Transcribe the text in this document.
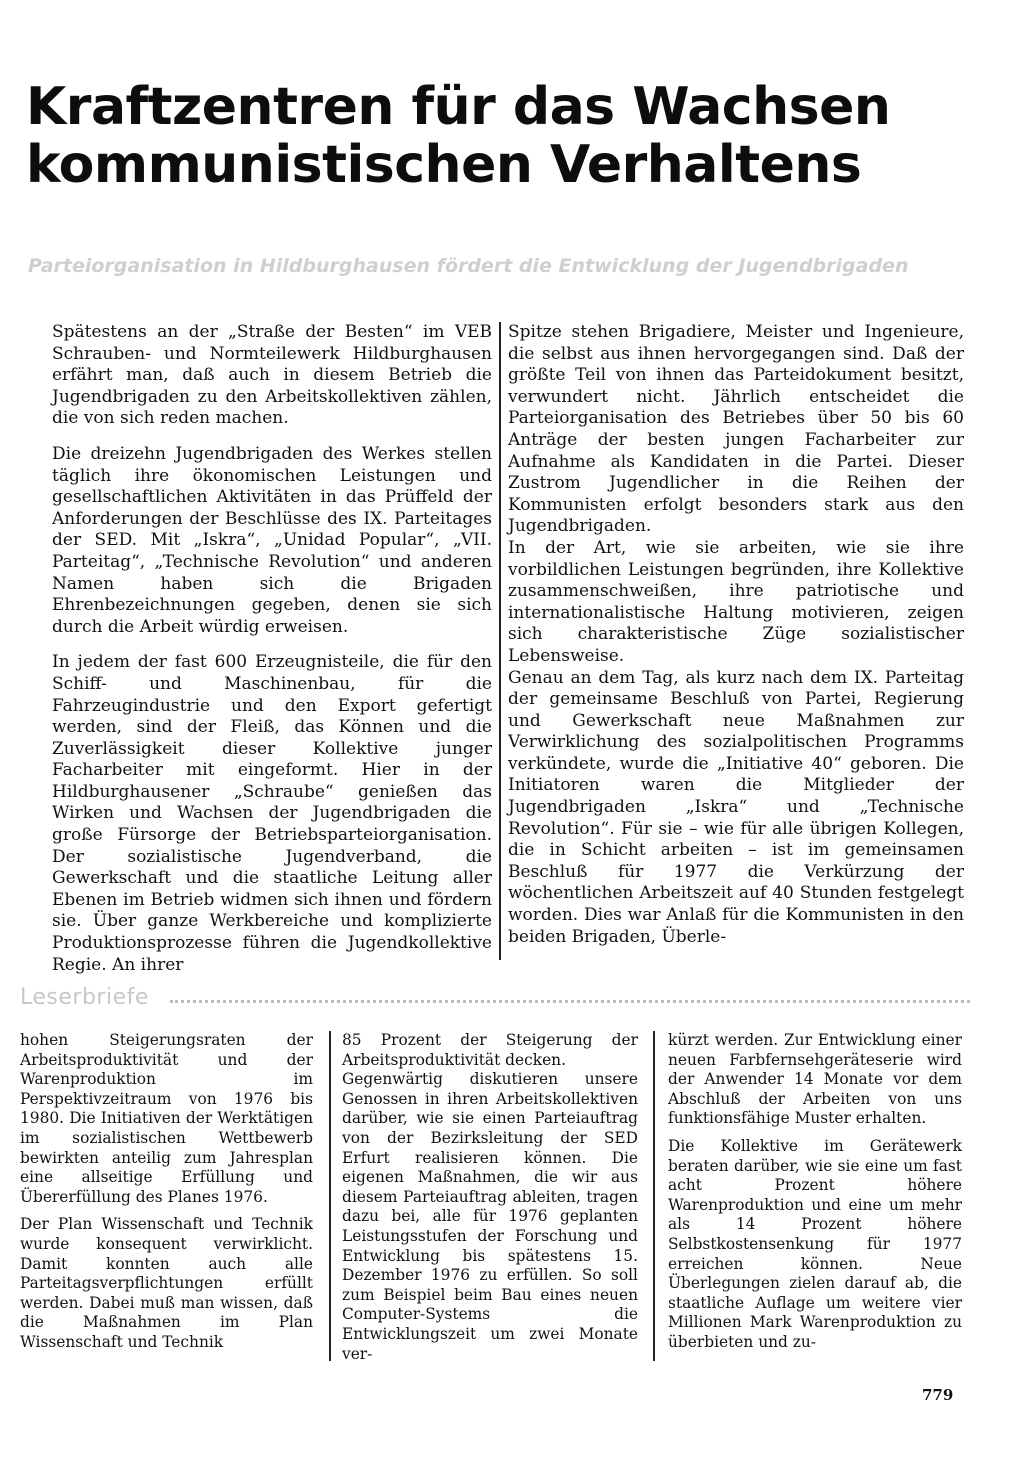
Kraftzentren für das Wachsen
kommunistischen Verhaltens
Parteiorganisation in Hildburghausen fördert die Entwicklung der Jugendbrigaden

Spätestens an der „Straße der Besten“ im VEB Schrauben- und Normteilewerk Hildburghausen erfährt man, daß auch in diesem Betrieb die Jugendbrigaden zu den Arbeitskollektiven zählen, die von sich reden machen.

Die dreizehn Jugendbrigaden des Werkes stellen täglich ihre ökonomischen Leistungen und gesellschaftlichen Aktivitäten in das Prüffeld der Anforderungen der Beschlüsse des IX. Parteitages der SED. Mit „Iskra“, „Unidad Popular“, „VII. Parteitag“, „Technische Revolution“ und anderen Namen haben sich die Brigaden Ehrenbezeichnungen gegeben, denen sie sich durch die Arbeit würdig erweisen.

In jedem der fast 600 Erzeugnisteile, die für den Schiff- und Maschinenbau, für die Fahrzeugindustrie und den Export gefertigt werden, sind der Fleiß, das Können und die Zuverlässigkeit dieser Kollektive junger Facharbeiter mit eingeformt. Hier in der Hildburghausener „Schraube“ genießen das Wirken und Wachsen der Jugendbrigaden die große Fürsorge der Betriebsparteiorganisation. Der sozialistische Jugendverband, die Gewerkschaft und die staatliche Leitung aller Ebenen im Betrieb widmen sich ihnen und fördern sie. Über ganze Werkbereiche und komplizierte Produktionsprozesse führen die Jugendkollektive Regie. An ihrer

Spitze stehen Brigadiere, Meister und Ingenieure, die selbst aus ihnen hervorgegangen sind. Daß der größte Teil von ihnen das Parteidokument besitzt, verwundert nicht. Jährlich entscheidet die Parteiorganisation des Betriebes über 50 bis 60 Anträge der besten jungen Facharbeiter zur Aufnahme als Kandidaten in die Partei. Dieser Zustrom Jugendlicher in die Reihen der Kommunisten erfolgt besonders stark aus den Jugendbrigaden.

In der Art, wie sie arbeiten, wie sie ihre vorbildlichen Leistungen begründen, ihre Kollektive zusammenschweißen, ihre patriotische und internationalistische Haltung motivieren, zeigen sich charakteristische Züge sozialistischer Lebensweise.

Genau an dem Tag, als kurz nach dem IX. Parteitag der gemeinsame Beschluß von Partei, Regierung und Gewerkschaft neue Maßnahmen zur Verwirklichung des sozialpolitischen Programms verkündete, wurde die „Initiative 40“ geboren. Die Initiatoren waren die Mitglieder der Jugendbrigaden „Iskra“ und „Technische Revolution“. Für sie – wie für alle übrigen Kollegen, die in Schicht arbeiten – ist im gemeinsamen Beschluß für 1977 die Verkürzung der wöchentlichen Arbeitszeit auf 40 Stunden festgelegt worden. Dies war Anlaß für die Kommunisten in den beiden Brigaden, Überle-

Leserbriefe

hohen Steigerungsraten der Arbeitsproduktivität und der Warenproduktion im Perspektivzeitraum von 1976 bis 1980. Die Initiativen der Werktätigen im sozialistischen Wettbewerb bewirkten anteilig zum Jahresplan eine allseitige Erfüllung und Übererfüllung des Planes 1976.

Der Plan Wissenschaft und Technik wurde konsequent verwirklicht. Damit konnten auch alle Parteitagsverpflichtungen erfüllt werden. Dabei muß man wissen, daß die Maßnahmen im Plan Wissenschaft und Technik

85 Prozent der Steigerung der Arbeitsproduktivität decken.

Gegenwärtig diskutieren unsere Genossen in ihren Arbeitskollektiven darüber, wie sie einen Parteiauftrag von der Bezirksleitung der SED Erfurt realisieren können. Die eigenen Maßnahmen, die wir aus diesem Parteiauftrag ableiten, tragen dazu bei, alle für 1976 geplanten Leistungsstufen der Forschung und Entwicklung bis spätestens 15. Dezember 1976 zu erfüllen. So soll zum Beispiel beim Bau eines neuen Computer-Systems die Entwicklungszeit um zwei Monate ver-

kürzt werden. Zur Entwicklung einer neuen Farbfernsehgeräteserie wird der Anwender 14 Monate vor dem Abschluß der Arbeiten von uns funktionsfähige Muster erhalten.

Die Kollektive im Gerätewerk beraten darüber, wie sie eine um fast acht Prozent höhere Warenproduktion und eine um mehr als 14 Prozent höhere Selbstkostensenkung für 1977 erreichen können. Neue Überlegungen zielen darauf ab, die staatliche Auflage um weitere vier Millionen Mark Warenproduktion zu überbieten und zu-

779
